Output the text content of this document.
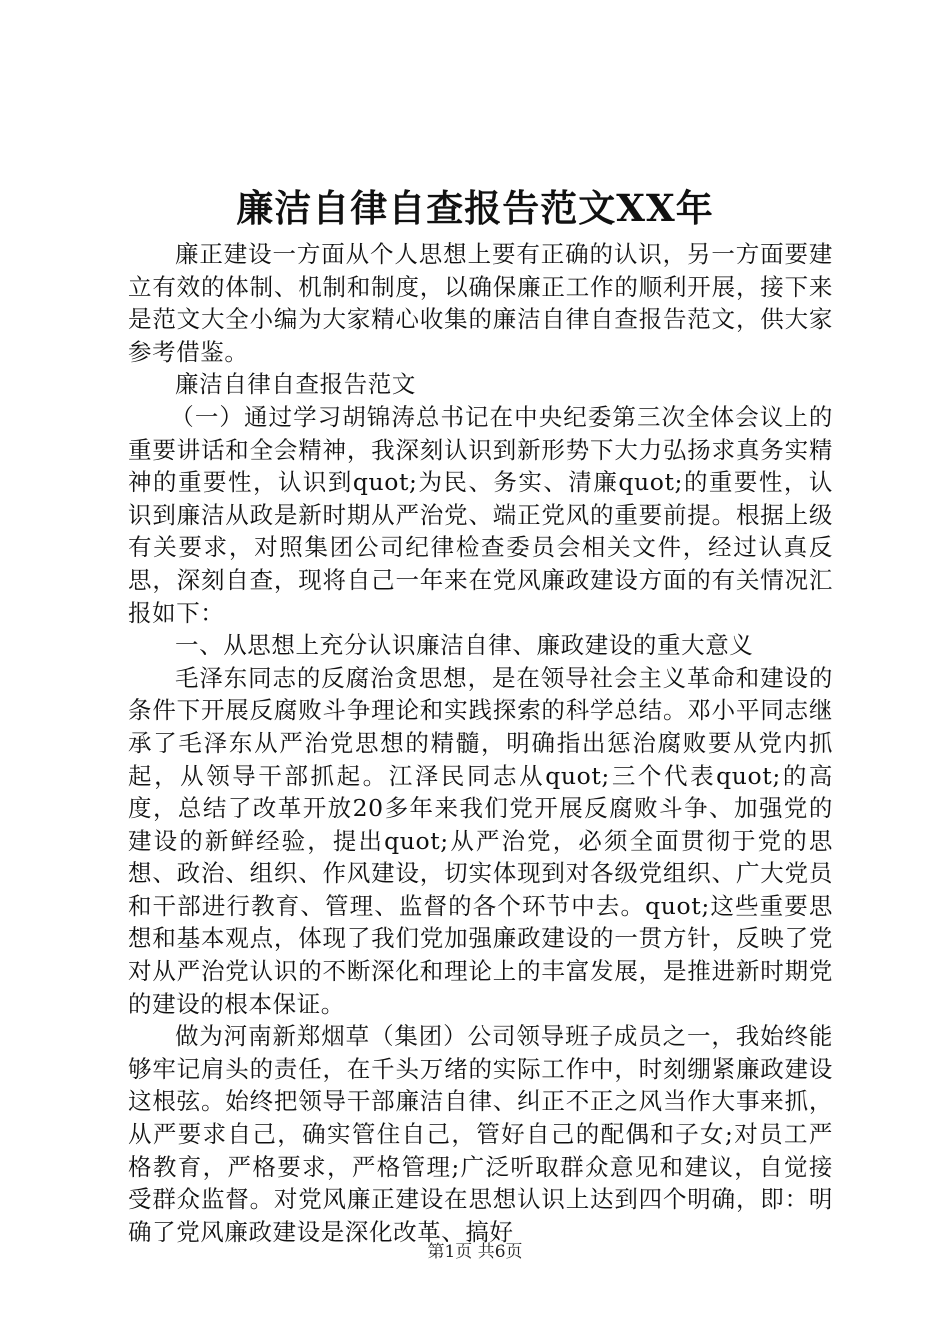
廉洁自律自查报告范文XX年

廉正建设一方面从个人思想上要有正确的认识，另一方面要建立有效的体制、机制和制度，以确保廉正工作的顺利开展，接下来是范文大全小编为大家精心收集的廉洁自律自查报告范文，供大家参考借鉴。

廉洁自律自查报告范文

（一）通过学习胡锦涛总书记在中央纪委第三次全体会议上的重要讲话和全会精神，我深刻认识到新形势下大力弘扬求真务实精神的重要性，认识到quot;为民、务实、清廉quot;的重要性，认识到廉洁从政是新时期从严治党、端正党风的重要前提。根据上级有关要求，对照集团公司纪律检查委员会相关文件，经过认真反思，深刻自查，现将自己一年来在党风廉政建设方面的有关情况汇报如下：

一、从思想上充分认识廉洁自律、廉政建设的重大意义

毛泽东同志的反腐治贪思想，是在领导社会主义革命和建设的条件下开展反腐败斗争理论和实践探索的科学总结。邓小平同志继承了毛泽东从严治党思想的精髓，明确指出惩治腐败要从党内抓起，从领导干部抓起。江泽民同志从quot;三个代表quot;的高度，总结了改革开放20多年来我们党开展反腐败斗争、加强党的建设的新鲜经验，提出quot;从严治党，必须全面贯彻于党的思想、政治、组织、作风建设，切实体现到对各级党组织、广大党员和干部进行教育、管理、监督的各个环节中去。quot;这些重要思想和基本观点，体现了我们党加强廉政建设的一贯方针，反映了党对从严治党认识的不断深化和理论上的丰富发展，是推进新时期党的建设的根本保证。

做为河南新郑烟草（集团）公司领导班子成员之一，我始终能够牢记肩头的责任，在千头万绪的实际工作中，时刻绷紧廉政建设这根弦。始终把领导干部廉洁自律、纠正不正之风当作大事来抓，从严要求自己，确实管住自己，管好自己的配偶和子女;对员工严格教育，严格要求，严格管理;广泛听取群众意见和建议，自觉接受群众监督。对党风廉正建设在思想认识上达到四个明确，即：明确了党风廉政建设是深化改革、搞好

第1页 共6页
